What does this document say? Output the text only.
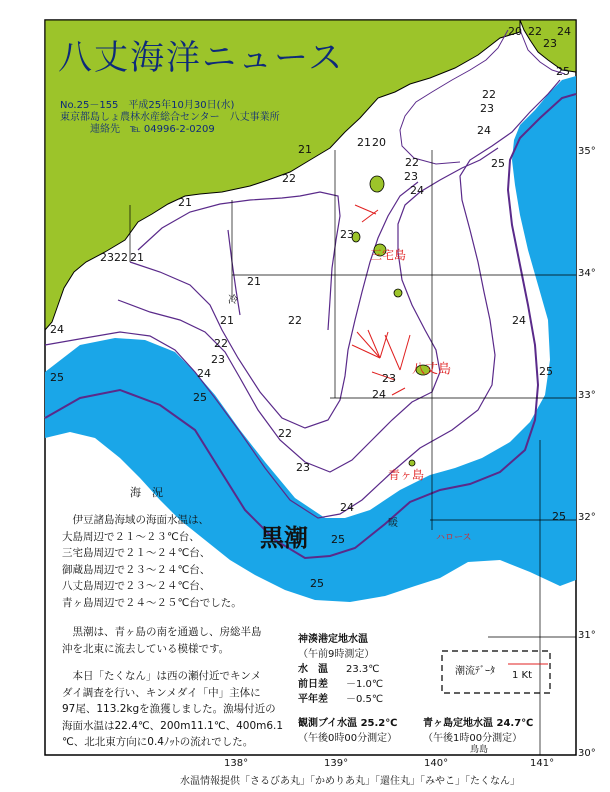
23 22 21
21
21
22
21
21	22
22
23
24
25
22
23
24
25
25
24
25
24
25
25
25
20
21
22
23
24
23
24
23
25
20 22
23
24
22
23
24
八丈海洋ニュース
No.25－155　平成25年10月30日(水)
東京都島しょ農林水産総合センター　八丈事業所
連絡先　℡ 04996-2-0209
三宅島
八丈島
青ヶ島
鳥島
冷
暖
ハロース
35°
34°
33°
32°
31°
30°
138°	139°	140°	141°
海　況
　伊豆諸島海域の海面水温は、
大島周辺で２１～２３℃台、
三宅島周辺で２１～２４℃台、
御蔵島周辺で２３～２４℃台、
八丈島周辺で２３～２４℃台、
青ヶ島周辺で２４～２５℃台でした。
　黒潮は、青ヶ島の南を通過し、房総半島
沖を北東に流去している模様です。
　本日「たくなん」は西の瀬付近でキンメ
ダイ調査を行い、キンメダイ「中」主体に
97尾、113.2kgを漁獲しました。漁場付近の
海面水温は22.4℃、200m11.1℃、400m6.1
℃、北北東方向に0.4ﾉｯﾄの流れでした。
黒潮
神湊港定地水温
（午前9時測定）
水　温 23.3℃
前日差 －1.0℃
平年差 －0.5℃
観測ブイ水温 25.2℃
（午後0時00分測定）
青ヶ島定地水温 24.7℃
（午後1時00分測定）
潮流ﾃﾞｰﾀ 1 Kt
水温情報提供「さるびあ丸」「かめりあ丸」「還住丸」「みやこ」「たくなん」
